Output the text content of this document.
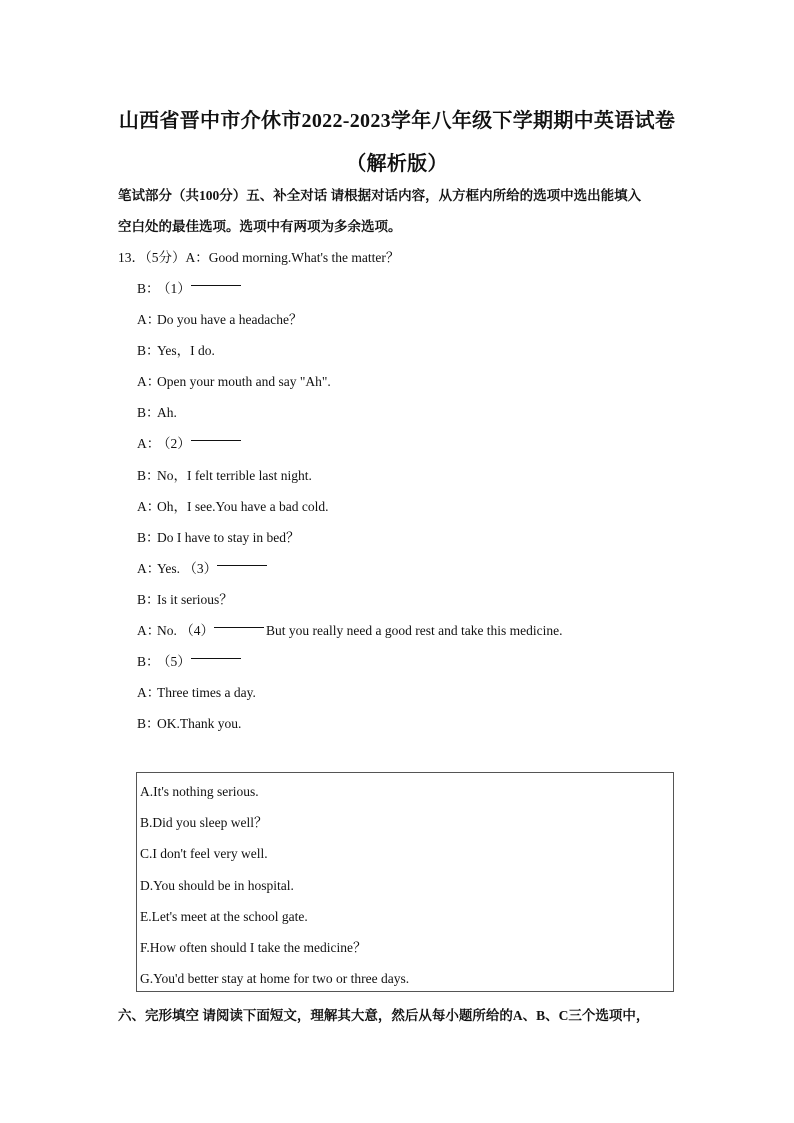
山西省晋中市介休市2022-2023学年八年级下学期期中英语试卷
（解析版）
笔试部分（共100分）五、补全对话 请根据对话内容，从方框内所给的选项中选出能填入
空白处的最佳选项。选项中有两项为多余选项。
13．（5分）A：Good morning.What's the matter？
B：
（1）
A：
Do you have a headache？
B：
Yes，I do.
A：
Open your mouth and say "Ah".
B：
Ah.
A：
（2）
B：
No，I felt terrible last night.
A：
Oh，I see.You have a bad cold.
B：
Do I have to stay in bed？
A：
Yes. （3）
B：
Is it serious？
A：
No. （4）	But you really need a good rest and take this medicine.
B：
（5）
A：
Three times a day.
B：
OK.Thank you.
A.It's nothing serious.
B.Did you sleep well？
C.I don't feel very well.
D.You should be in hospital.
E.Let's meet at the school gate.
F.How often should I take the medicine？
G.You'd better stay at home for two or three days.
六、完形填空 请阅读下面短文，理解其大意，然后从每小题所给的A、B、C三个选项中，
